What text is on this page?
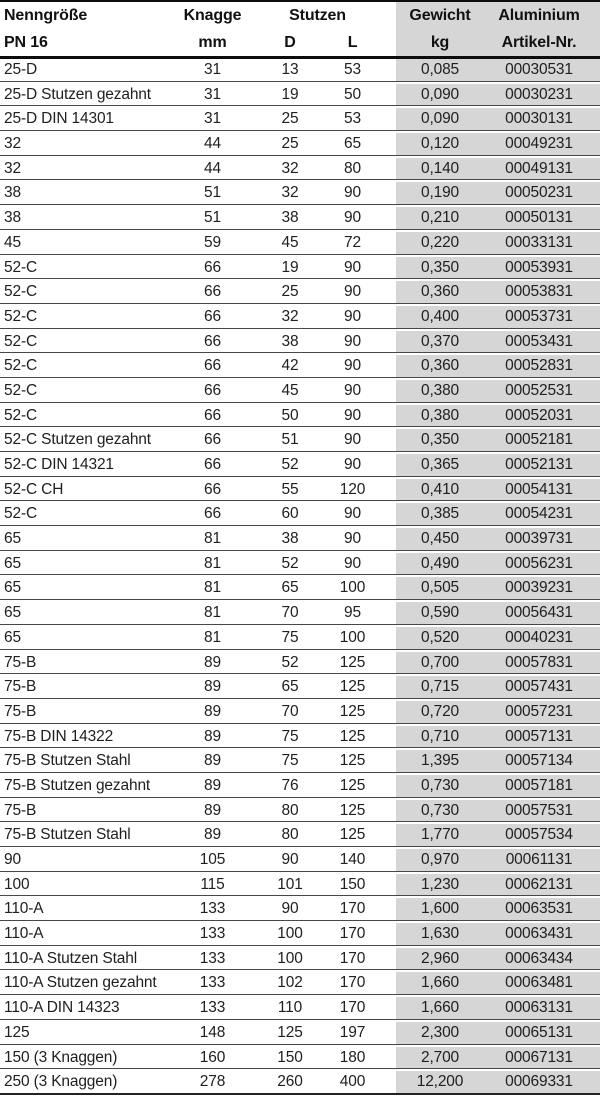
Nenngröße	Knagge	Stutzen	Gewicht	Aluminium
PN 16	mm	D	L	kg	Artikel-Nr.
25-D	31	13	53	0,085	00030531
25-D Stutzen gezahnt	31	19	50	0,090	00030231
25-D DIN 14301	31	25	53	0,090	00030131
32	44	25	65	0,120	00049231
32	44	32	80	0,140	00049131
38	51	32	90	0,190	00050231
38	51	38	90	0,210	00050131
45	59	45	72	0,220	00033131
52-C	66	19	90	0,350	00053931
52-C	66	25	90	0,360	00053831
52-C	66	32	90	0,400	00053731
52-C	66	38	90	0,370	00053431
52-C	66	42	90	0,360	00052831
52-C	66	45	90	0,380	00052531
52-C	66	50	90	0,380	00052031
52-C Stutzen gezahnt	66	51	90	0,350	00052181
52-C DIN 14321	66	52	90	0,365	00052131
52-C CH	66	55	120	0,410	00054131
52-C	66	60	90	0,385	00054231
65	81	38	90	0,450	00039731
65	81	52	90	0,490	00056231
65	81	65	100	0,505	00039231
65	81	70	95	0,590	00056431
65	81	75	100	0,520	00040231
75-B	89	52	125	0,700	00057831
75-B	89	65	125	0,715	00057431
75-B	89	70	125	0,720	00057231
75-B DIN 14322	89	75	125	0,710	00057131
75-B Stutzen Stahl	89	75	125	1,395	00057134
75-B Stutzen gezahnt	89	76	125	0,730	00057181
75-B	89	80	125	0,730	00057531
75-B Stutzen Stahl	89	80	125	1,770	00057534
90	105	90	140	0,970	00061131
100	115	101	150	1,230	00062131
110-A	133	90	170	1,600	00063531
110-A	133	100	170	1,630	00063431
110-A Stutzen Stahl	133	100	170	2,960	00063434
110-A Stutzen gezahnt	133	102	170	1,660	00063481
110-A DIN 14323	133	110	170	1,660	00063131
125	148	125	197	2,300	00065131
150 (3 Knaggen)	160	150	180	2,700	00067131
250 (3 Knaggen)	278	260	400	12,200	00069331
